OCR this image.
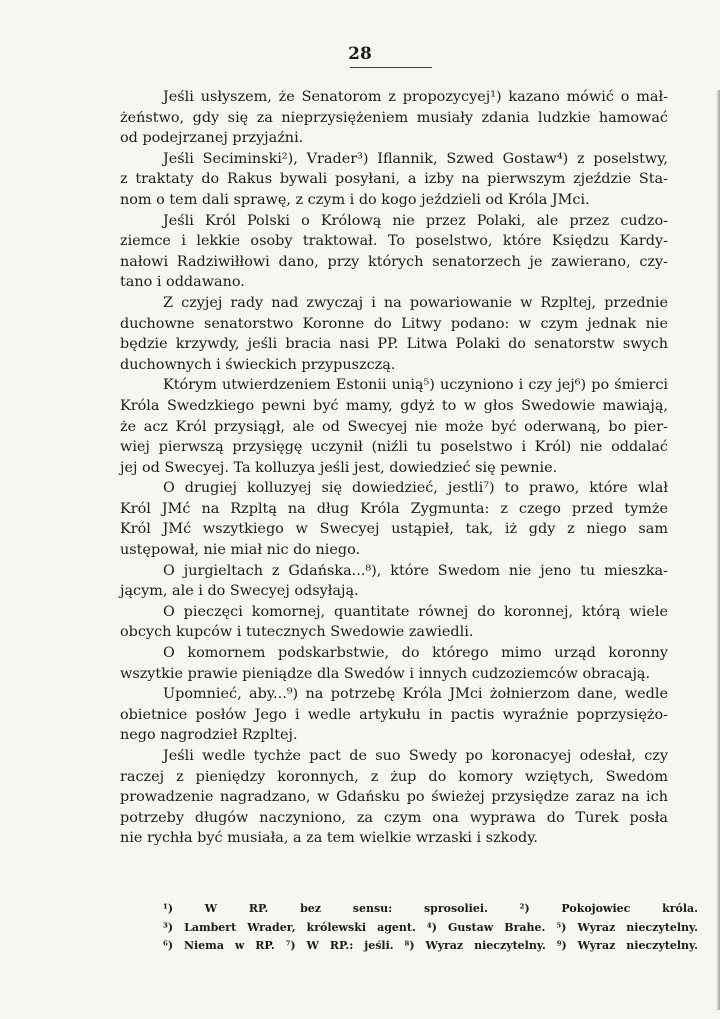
28
Jeśli usłyszem, że Senatorom z propozycyej¹) kazano mówić o mał-
żeństwo, gdy się za nieprzysiężeniem musiały zdania ludzkie hamować
od podejrzanej przyjaźni.
Jeśli Seciminski²), Vrader³) Iflannik, Szwed Gostaw⁴) z poselstwy,
z traktaty do Rakus bywali posyłani, a izby na pierwszym zjeździe Sta-
nom o tem dali sprawę, z czym i do kogo jeździeli od Króla JMci.
Jeśli Król Polski o Królową nie przez Polaki, ale przez cudzo-
ziemce i lekkie osoby traktował. To poselstwo, które Księdzu Kardy-
nałowi Radziwiłłowi dano, przy których senatorzech je zawierano, czy-
tano i oddawano.
Z czyjej rady nad zwyczaj i na powariowanie w Rzpltej, przednie
duchowne senatorstwo Koronne do Litwy podano: w czym jednak nie
będzie krzywdy, jeśli bracia nasi PP. Litwa Polaki do senatorstw swych
duchownych i świeckich przypuszczą.
Którym utwierdzeniem Estonii unią⁵) uczyniono i czy jej⁶) po śmierci
Króla Swedzkiego pewni być mamy, gdyż to w głos Swedowie mawiają,
że acz Król przysiągł, ale od Swecyej nie może być oderwaną, bo pier-
wiej pierwszą przysięgę uczynił (niźli tu poselstwo i Król) nie oddalać
jej od Swecyej. Ta kolluzya jeśli jest, dowiedzieć się pewnie.
O drugiej kolluzyej się dowiedzieć, jestli⁷) to prawo, które wlał
Król JMć na Rzpltą na dług Króla Zygmunta: z czego przed tymże
Król JMć wszytkiego w Swecyej ustąpieł, tak, iż gdy z niego sam
ustępował, nie miał nic do niego.
O jurgieltach z Gdańska...⁸), które Swedom nie jeno tu mieszka-
jącym, ale i do Swecyej odsyłają.
O pieczęci komornej, quantitate równej do koronnej, którą wiele
obcych kupców i tutecznych Swedowie zawiedli.
O komornem podskarbstwie, do którego mimo urząd koronny
wszytkie prawie pieniądze dla Swedów i innych cudzoziemców obracają.
Upomnieć, aby...⁹) na potrzebę Króla JMci żołnierzom dane, wedle
obietnice posłów Jego i wedle artykułu in pactis wyraźnie poprzysiężo-
nego nagrodzieł Rzpltej.
Jeśli wedle tychże pact de suo Swedy po koronacyej odesłał, czy
raczej z pieniędzy koronnych, z żup do komory wziętych, Swedom
prowadzenie nagradzano, w Gdańsku po świeżej przysiędze zaraz na ich
potrzeby długów naczyniono, za czym ona wyprawa do Turek posła
nie rychła być musiała, a za tem wielkie wrzaski i szkody.
¹) W RP. bez sensu: sprosoliei. ²) Pokojowiec króla.
³) Lambert Wrader, królewski agent. ⁴) Gustaw Brahe. ⁵) Wyraz nieczytelny.
⁶) Niema w RP. ⁷) W RP.: jeśli. ⁸) Wyraz nieczytelny. ⁹) Wyraz nieczytelny.
